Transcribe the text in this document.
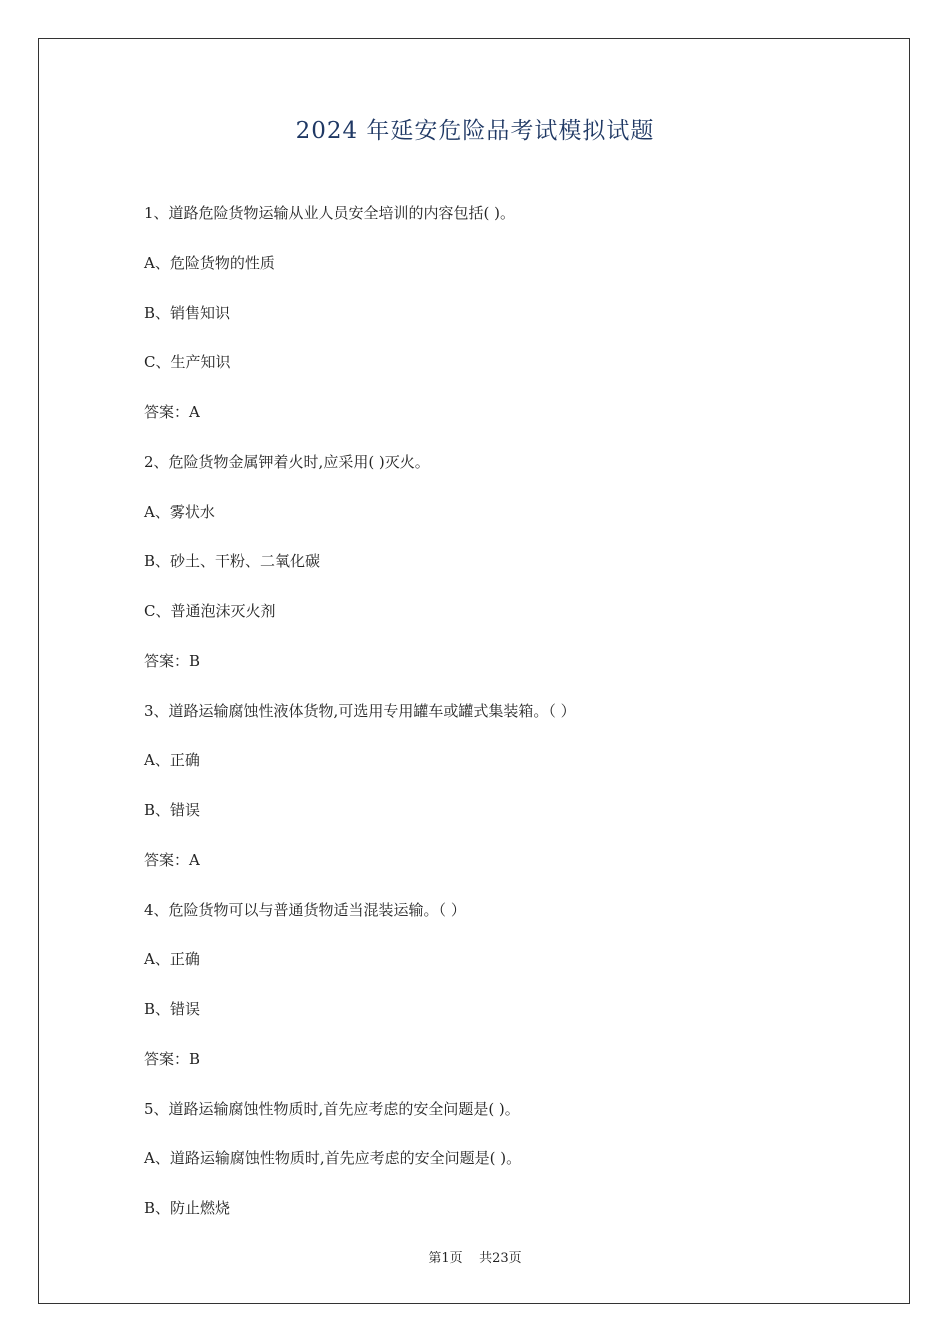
2024 年延安危险品考试模拟试题
1、道路危险货物运输从业人员安全培训的内容包括( )。
A、危险货物的性质
B、销售知识
C、生产知识
答案：A
2、危险货物金属钾着火时,应采用( )灭火。
A、雾状水
B、砂土、干粉、二氧化碳
C、普通泡沫灭火剂
答案：B
3、道路运输腐蚀性液体货物,可选用专用罐车或罐式集装箱。（ ）
A、正确
B、错误
答案：A
4、危险货物可以与普通货物适当混装运输。（ ）
A、正确
B、错误
答案：B
5、道路运输腐蚀性物质时,首先应考虑的安全问题是( )。
A、道路运输腐蚀性物质时,首先应考虑的安全问题是( )。
B、防止燃烧
第1页    共23页
